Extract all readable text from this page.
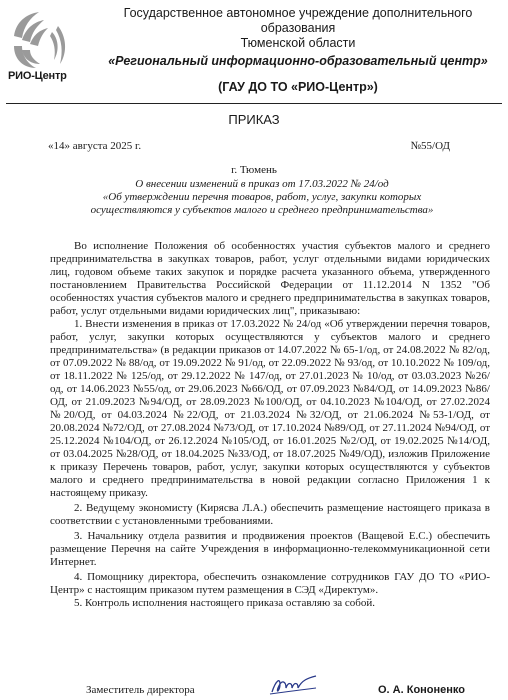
РИО-Центр
Государственное автономное учреждение дополнительного образования
Тюменской области
«Региональный информационно-образовательный центр»
(ГАУ ДО ТО «РИО-Центр»)
ПРИКАЗ
«14» августа 2025 г.	№55/ОД
г. Тюмень
О внесении изменений в приказ от 17.03.2022 № 24/од
«Об утверждении перечня товаров, работ, услуг, закупки которых
осуществляются у субъектов малого и среднего предпринимательства»

Во исполнение Положения об особенностях участия субъектов малого и среднего предпринимательства в закупках товаров, работ, услуг отдельными видами юридических лиц, годовом объеме таких закупок и порядке расчета указанного объема, утвержденного постановлением Правительства Российской Федерации от 11.12.2014 N 1352 "Об особенностях участия субъектов малого и среднего предпринимательства в закупках товаров, работ, услуг отдельными видами юридических лиц", приказываю:

1. Внести изменения в приказ от 17.03.2022 № 24/од «Об утверждении перечня товаров, работ, услуг, закупки которых осуществляются у субъектов малого и среднего предпринимательства» (в редакции приказов от 14.07.2022 № 65-1/од, от 24.08.2022 № 82/од, от 07.09.2022 № 88/од, от 19.09.2022 № 91/од, от 22.09.2022 № 93/од, от 10.10.2022 № 109/од, от 18.11.2022 № 125/од, от 29.12.2022 № 147/од, от 27.01.2023 № 10/од, от 03.03.2023 №26/од, от 14.06.2023 №55/од, от 29.06.2023 №66/ОД, от 07.09.2023 №84/ОД, от 14.09.2023 №86/ОД, от 21.09.2023 №94/ОД, от 28.09.2023 №100/ОД, от 04.10.2023 №104/ОД, от 27.02.2024 №20/ОД, от 04.03.2024 №22/ОД, от 21.03.2024 №32/ОД, от 21.06.2024 №53-1/ОД, от 20.08.2024 №72/ОД, от 27.08.2024 №73/ОД, от 17.10.2024 №89/ОД, от 27.11.2024 №94/ОД, от 25.12.2024 №104/ОД, от 26.12.2024 №105/ОД, от 16.01.2025 №2/ОД, от 19.02.2025 №14/ОД, от 03.04.2025 №28/ОД, от 18.04.2025 №33/ОД, от 18.07.2025 №49/ОД), изложив Приложение к приказу Перечень товаров, работ, услуг, закупки которых осуществляются у субъектов малого и среднего предпринимательства в новой редакции согласно Приложения 1 к настоящему приказу.

2. Ведущему экономисту (Кирясва Л.А.) обеспечить размещение настоящего приказа в соответствии с установленными требованиями.

3. Начальнику отдела развития и продвижения проектов (Ващевой Е.С.) обеспечить размещение Перечня на сайте Учреждения в информационно-телекоммуникационной сети Интернет.

4. Помощнику директора, обеспечить ознакомление сотрудников ГАУ ДО ТО «РИО-Центр» с настоящим приказом путем размещения в СЭД «Директум».

5. Контроль исполнения настоящего приказа оставляю за собой.

Заместитель директора	О. А. Кононенко
